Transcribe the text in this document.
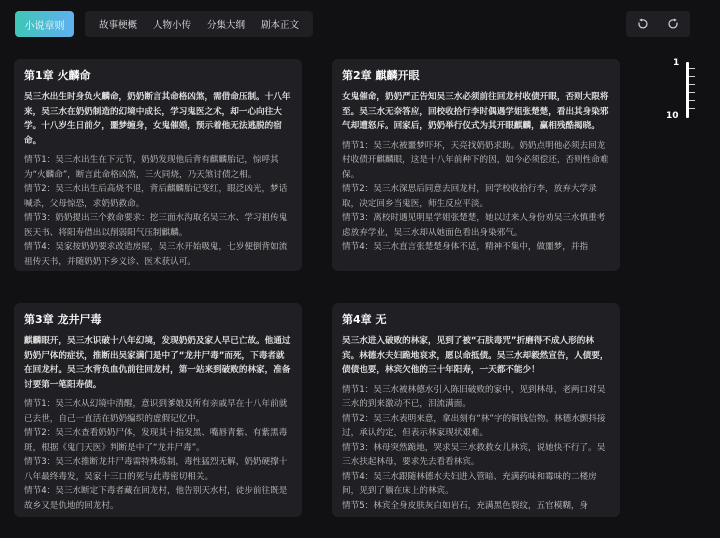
小说章则	故事梗概	人物小传	分集大纲	剧本正文
1
10
第1章 火麟命
吴三水出生时身负火麟命，奶奶断言其命格凶煞，需借命压制。十八年来，吴三水在奶奶制造的幻境中成长，学习鬼医之术，却一心向往大学。十八岁生日前夕，噩梦缠身，女鬼催婚，预示着他无法逃脱的宿命。
情节1：吴三水出生在下元节，奶奶发现他后背有麒麟胎记，惊呼其为“火麟命”，断言此命格凶煞，三火同烧，乃天煞讨债之相。
情节2：吴三水出生后高烧不退，背后麒麟胎记变红，眼泛凶光，梦话喊杀，父母惊恐，求奶奶救命。
情节3：奶奶提出三个救命要求：挖三面水沟取名吴三水、学习祖传鬼医天书、将阳寿借出以削弱阳气压制麒麟。
情节4：吴家按奶奶要求改造房屋，吴三水开始吸鬼，七岁便倒背如流祖传天书，并随奶奶下乡义诊、医术获认可。
第2章 麒麟开眼
女鬼催命，奶奶严正告知吴三水必须前往回龙村收债开眼，否则大限将至。吴三水无奈答应，回校收拾行李时偶遇学姐张楚楚，看出其身染邪气却遭怒斥。回家后，奶奶举行仪式为其开眼麒麟，赢相残酷揭晓。
情节1：吴三水被噩梦吓坏，天亮找奶奶求助。奶奶点明他必须去回龙村收债开麒麟眼，这是十八年前种下的因，如今必须偿还，否则性命难保。
情节2：吴三水深思后同意去回龙村，回学校收拾行李，放弃大学录取，决定回乡当鬼医，师生反应平淡。
情节3：离校时遇见明星学姐张楚楚，她以过来人身份劝吴三水慎重考虑放弃学业，吴三水却从她面色看出身染邪气。
情节4：吴三水直言张楚楚身体不适，精神不集中，做噩梦，并指
第3章 龙井尸毒
麒麟眼开，吴三水识破十八年幻境，发现奶奶及家人早已亡故。他通过奶奶尸体的症状，推断出吴家满门是中了“龙井尸毒”而死，下毒者就在回龙村。吴三水背负血仇前往回龙村，第一站来到破败的林家，准备讨要第一笔阳寿债。
情节1：吴三水从幻境中清醒，意识到爹娘及所有亲戚早在十八年前就已去世，自己一直活在奶奶编织的虚假记忆中。
情节2：吴三水查看奶奶尸体，发现其十指发黑、嘴唇青紫、有紫黑毒斑，根据《鬼门天医》判断是中了“龙井尸毒”。
情节3：吴三水推断龙井尸毒需特殊炼制，毒性猛烈无解，奶奶硬撑十八年最终毒发，吴家十三口的死与此毒密切相关。
情节4：吴三水断定下毒者藏在回龙村，他告别天水村，徒步前往既是故乡又是仇地的回龙村。
第4章 无
吴三水进入破败的林家，见到了被“石肤毒咒”折磨得不成人形的林宾。林德水夫妇跪地哀求，愿以命抵债。吴三水却毅然宣告，人债要，债债也要，林宾欠他的三十年阳寿，一天都不能少！
情节1：吴三水被林德水引入陈旧破败的家中，见到林母，老两口对吴三水的到来激动不已，泪流满面。
情节2：吴三水表明来意，拿出刻有“林”字的铜钱信物。林德水颤抖接过，承认约定，但表示林家现状艰难。
情节3：林母突然跪地，哭求吴三水救救女儿林宾，说她快不行了。吴三水扶起林母，要求先去看看林宾。
情节4：吴三水跟随林德水夫妇进入管暗、充满药味和霉味的二楼房间，见到了躺在床上的林宾。
情节5：林宾全身皮肤灰白如岩石，充满黑色裂纹，五官模糊，身
